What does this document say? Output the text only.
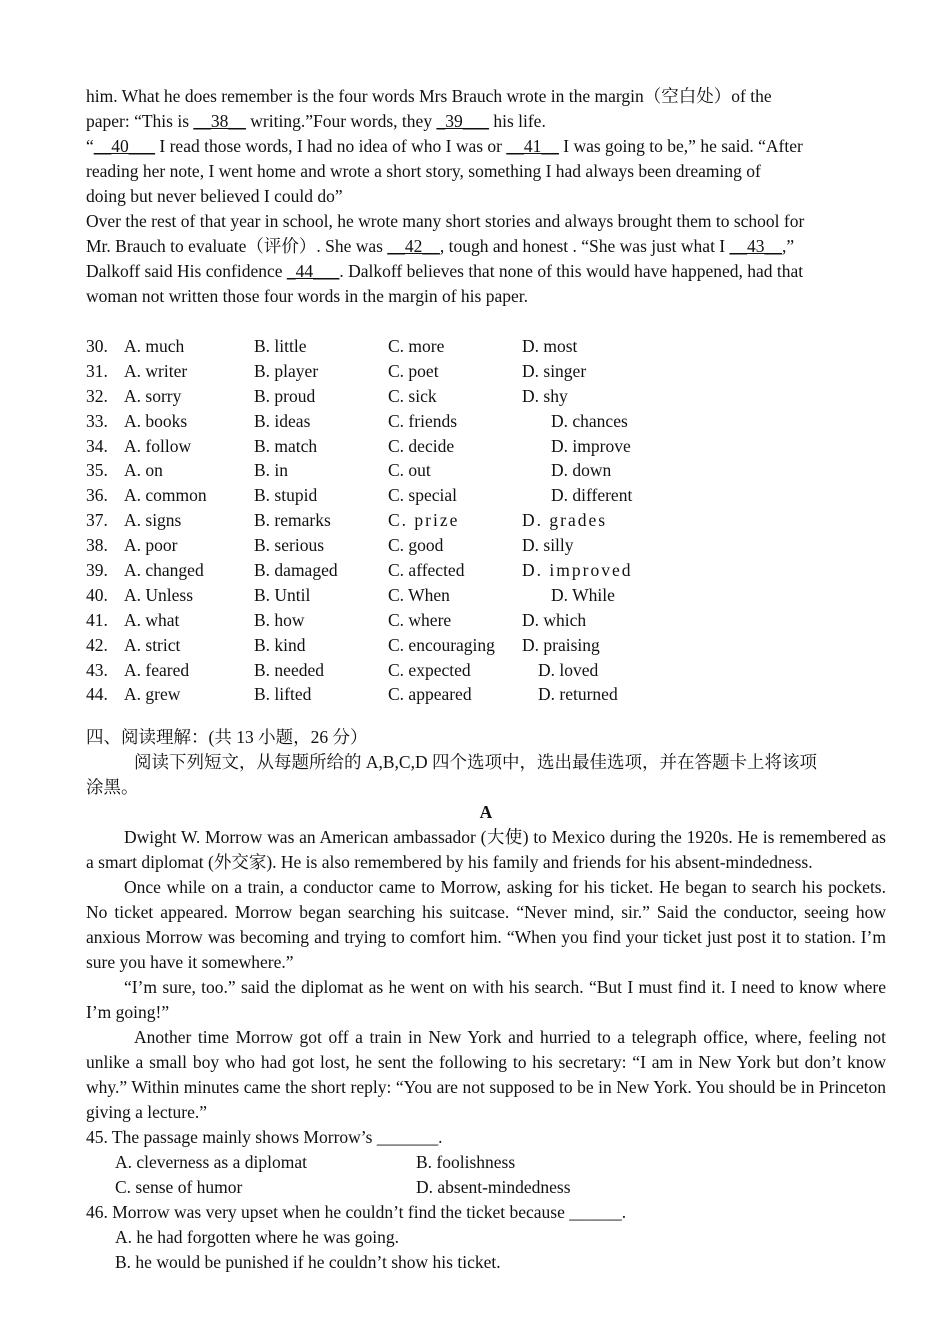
him. What he does remember is the four words Mrs Brauch wrote in the margin（空白处）of the
paper: “This is __38__ writing.”Four words, they _39___ his life.
“__40___ I read those words, I had no idea of who I was or __41__ I was going to be,” he said. “After
reading her note, I went home and wrote a short story, something I had always been dreaming of
doing but never believed I could do”
Over the rest of that year in school, he wrote many short stories and always brought them to school for
Mr. Brauch to evaluate（评价）. She was __42__, tough and honest . “She was just what I __43__,”
Dalkoff said His confidence _44___. Dalkoff believes that none of this would have happened, had that
woman not written those four words in the margin of his paper.
30. A. much	B. little	C. more	D. most
31. A. writer	B. player	C. poet	D. singer
32. A. sorry	B. proud	C. sick	D. shy
33. A. books	B. ideas	C. friends	D. chances
34. A. follow	B. match	C. decide	D. improve
35. A. on	B. in	C. out	D. down
36. A. common	B. stupid	C. special	D. different
37. A. signs	B. remarks	C. prize	D. grades
38. A. poor	B. serious	C. good	D. silly
39. A. changed	B. damaged	C. affected	D. improved
40. A. Unless	B. Until	C. When	D. While
41. A. what	B. how	C. where	D. which
42. A. strict	B. kind	C. encouraging D. praising
43. A. feared	B. needed	C. expected	D. loved
44. A. grew	B. lifted	C. appeared	D. returned
四、阅读理解：(共 13 小题，26 分）
阅读下列短文，从每题所给的 A,B,C,D 四个选项中，选出最佳选项，并在答题卡上将该项
涂黑。
A
Dwight W. Morrow was an American ambassador (大使) to Mexico during the 1920s. He is remembered as a smart diplomat (外交家). He is also remembered by his family and friends for his absent-mindedness.
Once while on a train, a conductor came to Morrow, asking for his ticket. He began to search his pockets. No ticket appeared. Morrow began searching his suitcase. “Never mind, sir.” Said the conductor, seeing how anxious Morrow was becoming and trying to comfort him. “When you find your ticket just post it to station. I’m sure you have it somewhere.”
“I’m sure, too.” said the diplomat as he went on with his search. “But I must find it. I need to know where I’m going!”
Another time Morrow got off a train in New York and hurried to a telegraph office, where, feeling not unlike a small boy who had got lost, he sent the following to his secretary: “I am in New York but don’t know why.” Within minutes came the short reply: “You are not supposed to be in New York. You should be in Princeton giving a lecture.”
45. The passage mainly shows Morrow’s _______.
A. cleverness as a diplomat	B. foolishness
C. sense of humor	D. absent-mindedness
46. Morrow was very upset when he couldn’t find the ticket because ______.
A. he had forgotten where he was going.
B. he would be punished if he couldn’t show his ticket.
